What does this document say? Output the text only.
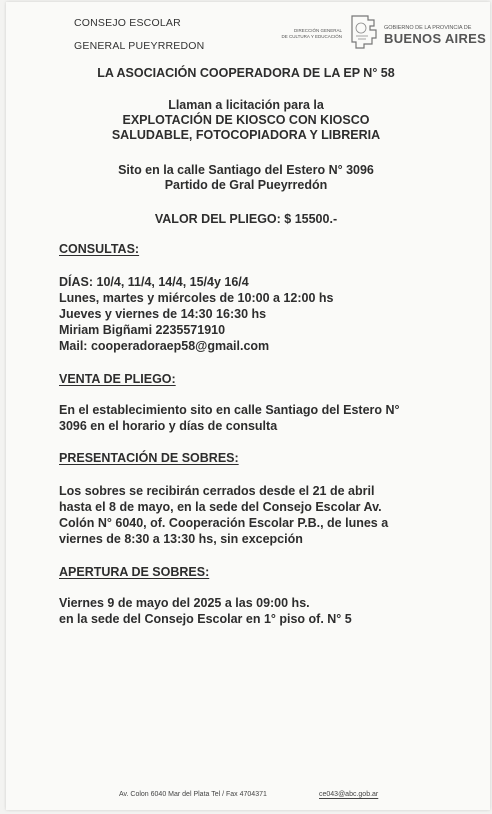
CONSEJO ESCOLAR
GENERAL PUEYRREDON
DIRECCIÓN GENERAL
DE CULTURA Y EDUCACIÓN
GOBIERNO DE LA PROVINCIA DE
BUENOS AIRES
LA ASOCIACIÓN COOPERADORA DE LA EP N° 58
Llaman a licitación para la
EXPLOTACIÓN DE KIOSCO CON KIOSCO
SALUDABLE, FOTOCOPIADORA Y LIBRERIA
Sito en la calle Santiago del Estero N° 3096
Partido de Gral Pueyrredón
VALOR DEL PLIEGO: $ 15500.-
CONSULTAS:
DÍAS: 10/4, 11/4, 14/4, 15/4y 16/4
Lunes, martes y miércoles de 10:00 a 12:00 hs
Jueves y viernes de 14:30 16:30 hs
Miriam Bigñami 2235571910
Mail: cooperadoraep58@gmail.com
VENTA DE PLIEGO:
En el establecimiento sito en calle Santiago del Estero N°
3096 en el horario y días de consulta
PRESENTACIÓN DE SOBRES:
Los sobres se recibirán cerrados desde el 21 de abril
hasta el 8 de mayo, en la sede del Consejo Escolar Av.
Colón N° 6040, of. Cooperación Escolar P.B., de lunes a
viernes de 8:30 a 13:30 hs, sin excepción
APERTURA DE SOBRES:
Viernes 9 de mayo del 2025 a las 09:00 hs.
en la sede del Consejo Escolar en 1° piso of. N° 5
Av. Colon 6040 Mar del Plata Tel / Fax 4704371	ce043@abc.gob.ar
